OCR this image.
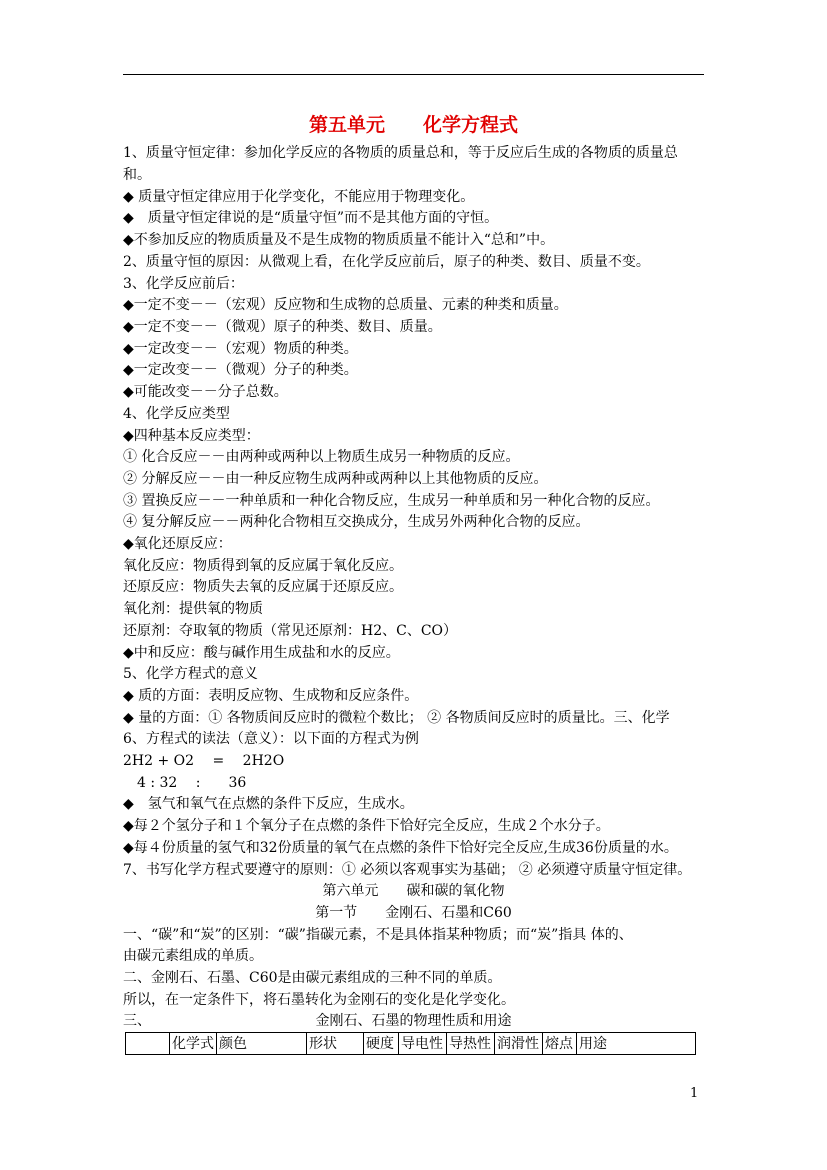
第五单元　　化学方程式
1、质量守恒定律：参加化学反应的各物质的质量总和，等于反应后生成的各物质的质量总
和。
◆ 质量守恒定律应用于化学变化，不能应用于物理变化。
◆　质量守恒定律说的是“质量守恒”而不是其他方面的守恒。
◆不参加反应的物质质量及不是生成物的物质质量不能计入“总和”中。
2、质量守恒的原因：从微观上看，在化学反应前后，原子的种类、数目、质量不变。
3、化学反应前后：
◆一定不变－－（宏观）反应物和生成物的总质量、元素的种类和质量。
◆一定不变－－（微观）原子的种类、数目、质量。
◆一定改变－－（宏观）物质的种类。
◆一定改变－－（微观）分子的种类。
◆可能改变－－分子总数。
4、化学反应类型
◆四种基本反应类型：
① 化合反应－－由两种或两种以上物质生成另一种物质的反应。
② 分解反应－－由一种反应物生成两种或两种以上其他物质的反应。
③ 置换反应－－一种单质和一种化合物反应，生成另一种单质和另一种化合物的反应。
④ 复分解反应－－两种化合物相互交换成分，生成另外两种化合物的反应。
◆氧化还原反应：
氧化反应：物质得到氧的反应属于氧化反应。
还原反应：物质失去氧的反应属于还原反应。
氧化剂：提供氧的物质
还原剂：夺取氧的物质（常见还原剂：H2、C、CO）
◆中和反应：酸与碱作用生成盐和水的反应。
5、化学方程式的意义
◆ 质的方面：表明反应物、生成物和反应条件。
◆ 量的方面：① 各物质间反应时的微粒个数比； ② 各物质间反应时的质量比。三、化学
6、方程式的读法（意义）：以下面的方程式为例
2H2 + O2　 =　 2H2O
　4 : 32　 :　　36
◆　氢气和氧气在点燃的条件下反应，生成水。
◆每２个氢分子和１个氧分子在点燃的条件下恰好完全反应，生成２个水分子。
◆每４份质量的氢气和32份质量的氧气在点燃的条件下恰好完全反应,生成36份质量的水。
7、书写化学方程式要遵守的原则：① 必须以客观事实为基础； ② 必须遵守质量守恒定律。
第六单元　　碳和碳的氧化物
第一节　　金刚石、石墨和C60
一、“碳”和“炭”的区别：“碳”指碳元素，不是具体指某种物质；而“炭”指具 体的、
由碳元素组成的单质。
二、金刚石、石墨、C60是由碳元素组成的三种不同的单质。
所以，在一定条件下，将石墨转化为金刚石的变化是化学变化。
三、	金刚石、石墨的物理性质和用途
	化学式	颜色	形状	硬度	导电性	导热性	润滑性	熔点	用途
1
